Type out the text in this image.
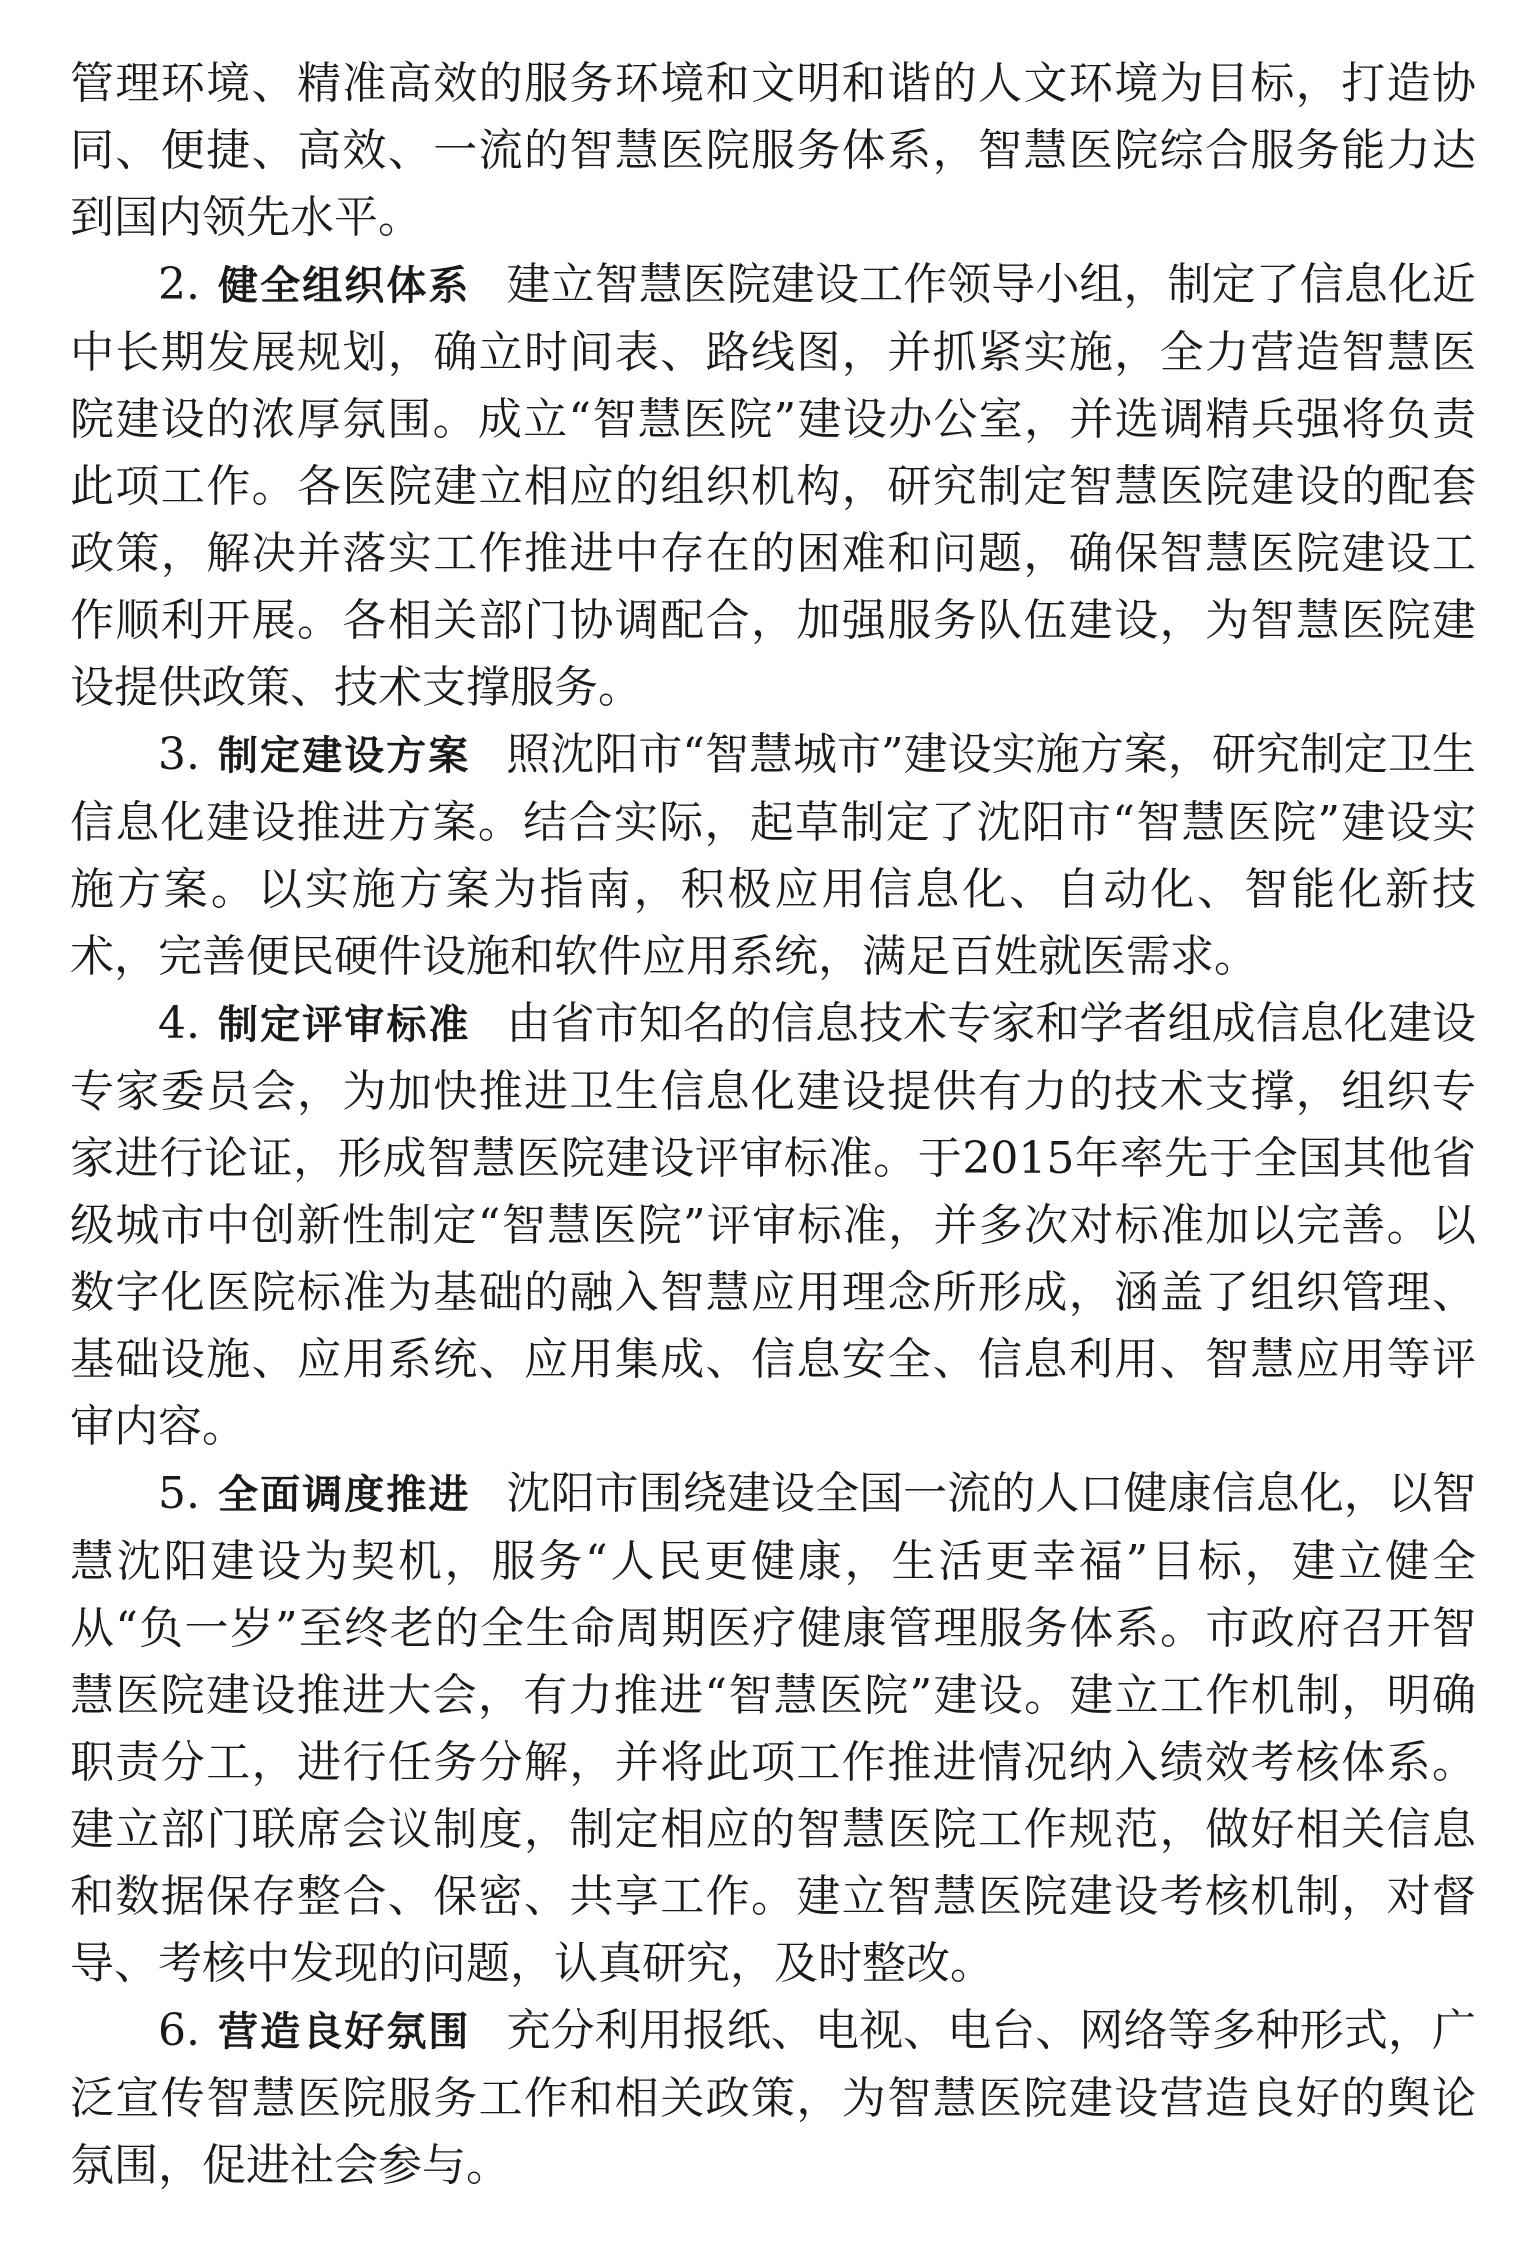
管理环境、精准高效的服务环境和文明和谐的人文环境为目标，打造协同、便捷、高效、一流的智慧医院服务体系，智慧医院综合服务能力达到国内领先水平。

2. 健全组织体系 建立智慧医院建设工作领导小组，制定了信息化近中长期发展规划，确立时间表、路线图，并抓紧实施，全力营造智慧医院建设的浓厚氛围。成立“智慧医院”建设办公室，并选调精兵强将负责此项工作。各医院建立相应的组织机构，研究制定智慧医院建设的配套政策，解决并落实工作推进中存在的困难和问题，确保智慧医院建设工作顺利开展。各相关部门协调配合，加强服务队伍建设，为智慧医院建设提供政策、技术支撑服务。

3. 制定建设方案 照沈阳市“智慧城市”建设实施方案，研究制定卫生信息化建设推进方案。结合实际，起草制定了沈阳市“智慧医院”建设实施方案。以实施方案为指南，积极应用信息化、自动化、智能化新技术，完善便民硬件设施和软件应用系统，满足百姓就医需求。

4. 制定评审标准 由省市知名的信息技术专家和学者组成信息化建设专家委员会，为加快推进卫生信息化建设提供有力的技术支撑，组织专家进行论证，形成智慧医院建设评审标准。于2015年率先于全国其他省级城市中创新性制定“智慧医院”评审标准，并多次对标准加以完善。以数字化医院标准为基础的融入智慧应用理念所形成，涵盖了组织管理、基础设施、应用系统、应用集成、信息安全、信息利用、智慧应用等评审内容。

5. 全面调度推进 沈阳市围绕建设全国一流的人口健康信息化，以智慧沈阳建设为契机，服务“人民更健康，生活更幸福”目标，建立健全从“负一岁”至终老的全生命周期医疗健康管理服务体系。市政府召开智慧医院建设推进大会，有力推进“智慧医院”建设。建立工作机制，明确职责分工，进行任务分解，并将此项工作推进情况纳入绩效考核体系。建立部门联席会议制度，制定相应的智慧医院工作规范，做好相关信息和数据保存整合、保密、共享工作。建立智慧医院建设考核机制，对督导、考核中发现的问题，认真研究，及时整改。

6. 营造良好氛围 充分利用报纸、电视、电台、网络等多种形式，广泛宣传智慧医院服务工作和相关政策，为智慧医院建设营造良好的舆论氛围，促进社会参与。
